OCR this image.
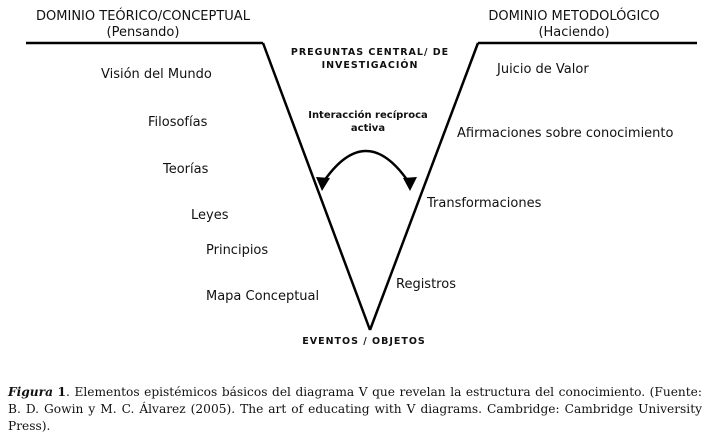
DOMINIO TEÓRICO/CONCEPTUAL
(Pensando)
DOMINIO METODOLÓGICO
(Haciendo)
PREGUNTAS CENTRAL/ DE
INVESTIGACIÓN
Interacción recíproca
activa
EVENTOS / OBJETOS
Visión del Mundo
Filosofías
Teorías
Leyes
Principios
Mapa Conceptual
Juicio de Valor
Afirmaciones sobre conocimiento
Transformaciones
Registros
Figura 1. Elementos epistémicos básicos del diagrama V que revelan la estructura del conocimiento. (Fuente: B. D. Gowin y M. C. Álvarez (2005). The art of educating with V diagrams. Cambridge: Cambridge University Press).
